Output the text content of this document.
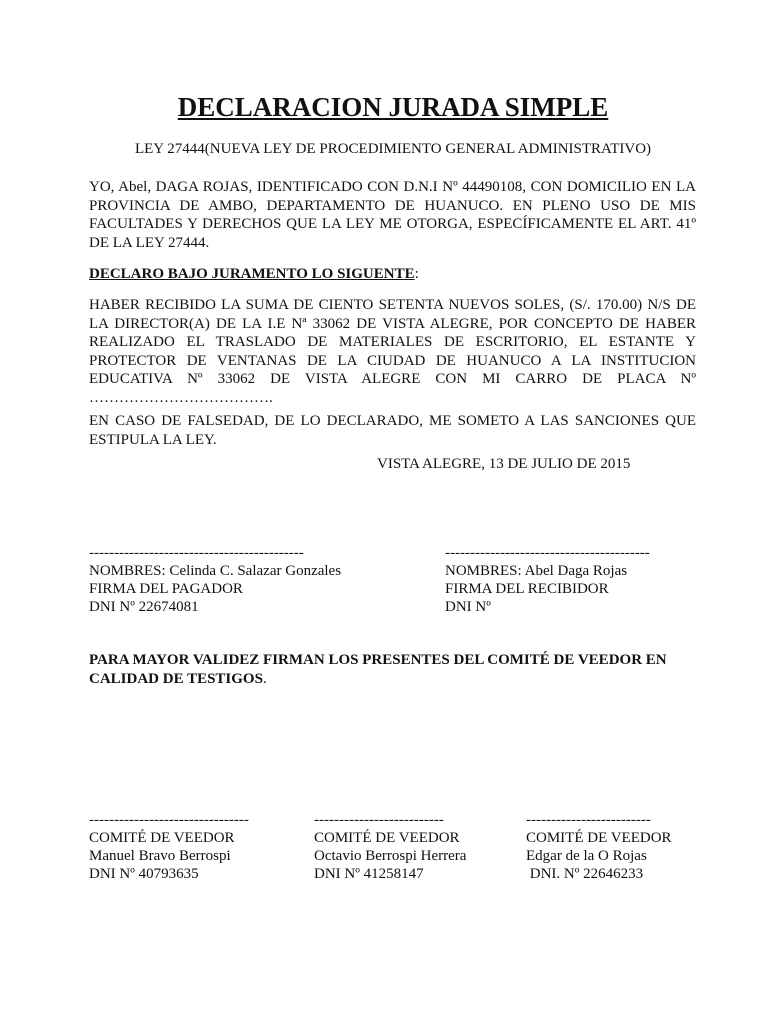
DECLARACION JURADA SIMPLE
LEY 27444(NUEVA LEY DE PROCEDIMIENTO GENERAL ADMINISTRATIVO)

YO, Abel, DAGA ROJAS, IDENTIFICADO CON D.N.I Nº 44490108, CON DOMICILIO EN LA PROVINCIA DE AMBO, DEPARTAMENTO DE HUANUCO. EN PLENO USO DE MIS FACULTADES Y DERECHOS QUE LA LEY ME OTORGA, ESPECÍFICAMENTE EL ART. 41º DE LA LEY 27444.

DECLARO BAJO JURAMENTO LO SIGUENTE:

HABER RECIBIDO LA SUMA DE CIENTO SETENTA NUEVOS SOLES, (S/. 170.00) N/S DE LA DIRECTOR(A) DE LA I.E Nª 33062 DE VISTA ALEGRE, POR CONCEPTO DE HABER REALIZADO EL TRASLADO DE MATERIALES DE ESCRITORIO, EL ESTANTE Y PROTECTOR DE VENTANAS DE LA CIUDAD DE HUANUCO A LA INSTITUCION EDUCATIVA Nº 33062 DE VISTA ALEGRE CON MI CARRO DE PLACA Nº ……………………………….

EN CASO DE FALSEDAD, DE LO DECLARADO, ME SOMETO A LAS SANCIONES QUE ESTIPULA LA LEY.

VISTA ALEGRE, 13 DE JULIO DE 2015
-------------------------------------------
NOMBRES: Celinda C. Salazar Gonzales
FIRMA DEL PAGADOR
DNI Nº 22674081
-----------------------------------------
NOMBRES: Abel Daga Rojas
FIRMA DEL RECIBIDOR
DNI Nº
PARA MAYOR VALIDEZ FIRMAN LOS PRESENTES DEL COMITÉ DE VEEDOR EN CALIDAD DE TESTIGOS.
--------------------------------
COMITÉ DE VEEDOR
Manuel Bravo Berrospi
DNI Nº 40793635
--------------------------
COMITÉ DE VEEDOR
Octavio Berrospi Herrera
DNI Nº 41258147
-------------------------
COMITÉ DE VEEDOR
Edgar de la O Rojas
DNI. Nº 22646233
